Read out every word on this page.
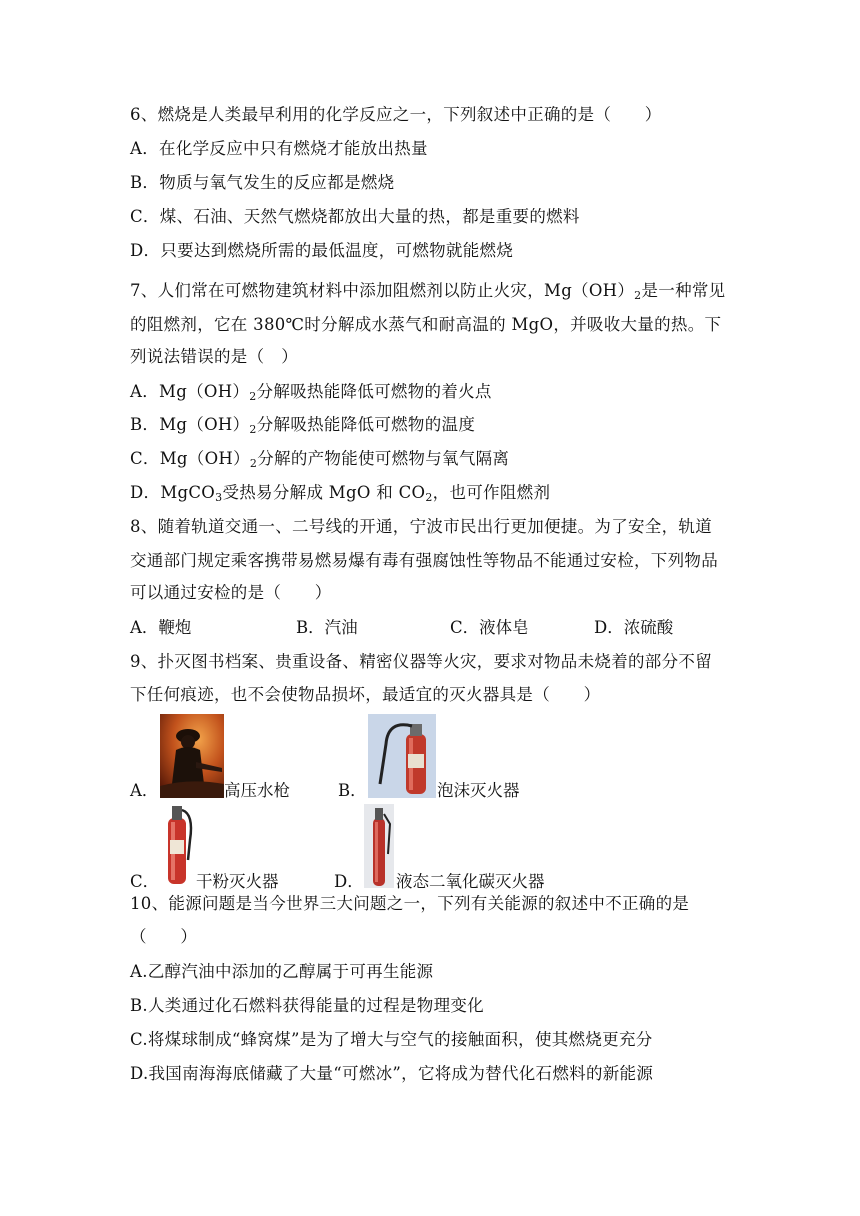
6、燃烧是人类最早利用的化学反应之一，下列叙述中正确的是（　　）
A．在化学反应中只有燃烧才能放出热量
B．物质与氧气发生的反应都是燃烧
C．煤、石油、天然气燃烧都放出大量的热，都是重要的燃料
D．只要达到燃烧所需的最低温度，可燃物就能燃烧
7、人们常在可燃物建筑材料中添加阻燃剂以防止火灾，$Mg(OH)_2$是一种常见
的阻燃剂，它在 380℃时分解成水蒸气和耐高温的 MgO，并吸收大量的热。下
列说法错误的是（　）
A．$Mg(OH)_2$分解吸热能降低可燃物的着火点
B．$Mg(OH)_2$分解吸热能降低可燃物的温度
C．$Mg(OH)_2$分解的产物能使可燃物与氧气隔离
D．MgCO$_3$受热易分解成 MgO 和 $CO_2$，也可作阻燃剂
8、随着轨道交通一、二号线的开通，宁波市民出行更加便捷。为了安全，轨道
交通部门规定乘客携带易燃易爆有毒有强腐蚀性等物品不能通过安检，下列物品
可以通过安检的是（　　）
A．鞭炮	B．汽油	C．液体皂	D．浓硫酸
9、扑灭图书档案、贵重设备、精密仪器等火灾，要求对物品未烧着的部分不留
下任何痕迹，也不会使物品损坏，最适宜的灭火器具是（　　）
A．	高压水枪	B．	泡沫灭火器
C． 干粉灭火器	D． 液态二氧化碳灭火器
10、能源问题是当今世界三大问题之一，下列有关能源的叙述中不正确的是
（　　）
A.乙醇汽油中添加的乙醇属于可再生能源
B.人类通过化石燃料获得能量的过程是物理变化
C.将煤球制成“蜂窝煤”是为了增大与空气的接触面积，使其燃烧更充分
D.我国南海海底储藏了大量“可燃冰”，它将成为替代化石燃料的新能源
